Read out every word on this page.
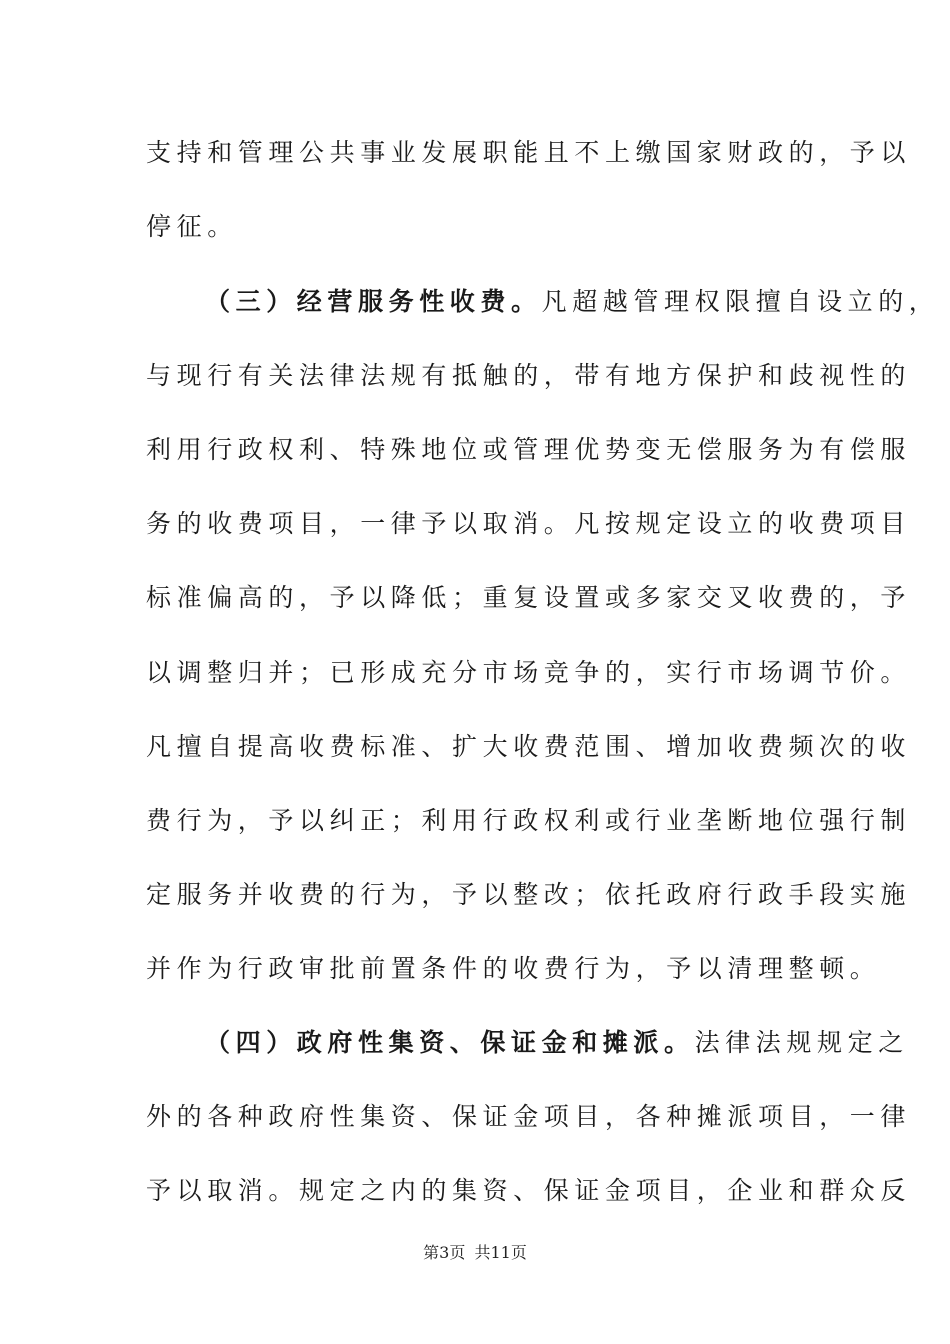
支持和管理公共事业发展职能且不上缴国家财政的，予以
停征。
（三）经营服务性收费。凡超越管理权限擅自设立的，
与现行有关法律法规有抵触的，带有地方保护和歧视性的
利用行政权利、特殊地位或管理优势变无偿服务为有偿服
务的收费项目，一律予以取消。凡按规定设立的收费项目
标准偏高的，予以降低；重复设置或多家交叉收费的，予
以调整归并；已形成充分市场竞争的，实行市场调节价。
凡擅自提高收费标准、扩大收费范围、增加收费频次的收
费行为，予以纠正；利用行政权利或行业垄断地位强行制
定服务并收费的行为，予以整改；依托政府行政手段实施
并作为行政审批前置条件的收费行为，予以清理整顿。
（四）政府性集资、保证金和摊派。法律法规规定之
外的各种政府性集资、保证金项目，各种摊派项目，一律
予以取消。规定之内的集资、保证金项目，企业和群众反
第3页 共11页
